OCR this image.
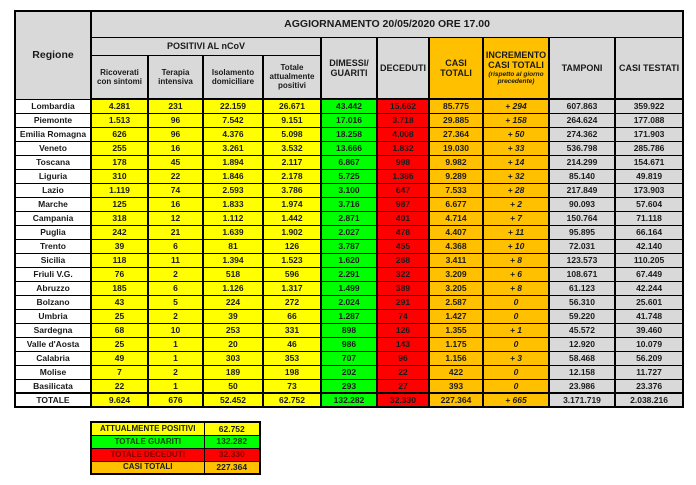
Regione	AGGIORNAMENTO 20/05/2020 ORE 17.00									
	POSITIVI AL nCoV				DIMESSI/ GUARITI	DECEDUTI	CASI TOTALI	INCREMENTO CASI TOTALI
(rispetto al giorno precedente)	TAMPONI	CASI TESTATI
	Ricoverati con sintomi	Terapia intensiva	Isolamento domiciliare	Totale attualmente positivi						
Lombardia	4.281	231	22.159	26.671	43.442	15.662	85.775	+ 294	607.863	359.922
Piemonte	1.513	96	7.542	9.151	17.016	3.718	29.885	+ 158	264.624	177.088
Emilia Romagna	626	96	4.376	5.098	18.258	4.008	27.364	+ 50	274.362	171.903
Veneto	255	16	3.261	3.532	13.666	1.832	19.030	+ 33	536.798	285.786
Toscana	178	45	1.894	2.117	6.867	998	9.982	+ 14	214.299	154.671
Liguria	310	22	1.846	2.178	5.725	1.386	9.289	+ 32	85.140	49.819
Lazio	1.119	74	2.593	3.786	3.100	647	7.533	+ 28	217.849	173.903
Marche	125	16	1.833	1.974	3.716	987	6.677	+ 2	90.093	57.604
Campania	318	12	1.112	1.442	2.871	401	4.714	+ 7	150.764	71.118
Puglia	242	21	1.639	1.902	2.027	478	4.407	+ 11	95.895	66.164
Trento	39	6	81	126	3.787	455	4.368	+ 10	72.031	42.140
Sicilia	118	11	1.394	1.523	1.620	268	3.411	+ 8	123.573	110.205
Friuli V.G.	76	2	518	596	2.291	322	3.209	+ 6	108.671	67.449
Abruzzo	185	6	1.126	1.317	1.499	389	3.205	+ 8	61.123	42.244
Bolzano	43	5	224	272	2.024	291	2.587	0	56.310	25.601
Umbria	25	2	39	66	1.287	74	1.427	0	59.220	41.748
Sardegna	68	10	253	331	898	126	1.355	+ 1	45.572	39.460
Valle d'Aosta	25	1	20	46	986	143	1.175	0	12.920	10.079
Calabria	49	1	303	353	707	96	1.156	+ 3	58.468	56.209
Molise	7	2	189	198	202	22	422	0	12.158	11.727
Basilicata	22	1	50	73	293	27	393	0	23.986	23.376
TOTALE	9.624	676	52.452	62.752	132.282	32.330	227.364	+ 665	3.171.719	2.038.216
ATTUALMENTE POSITIVI	62.752
TOTALE GUARITI	132.282
TOTALE DECEDUTI	32.330
CASI TOTALI	227.364
